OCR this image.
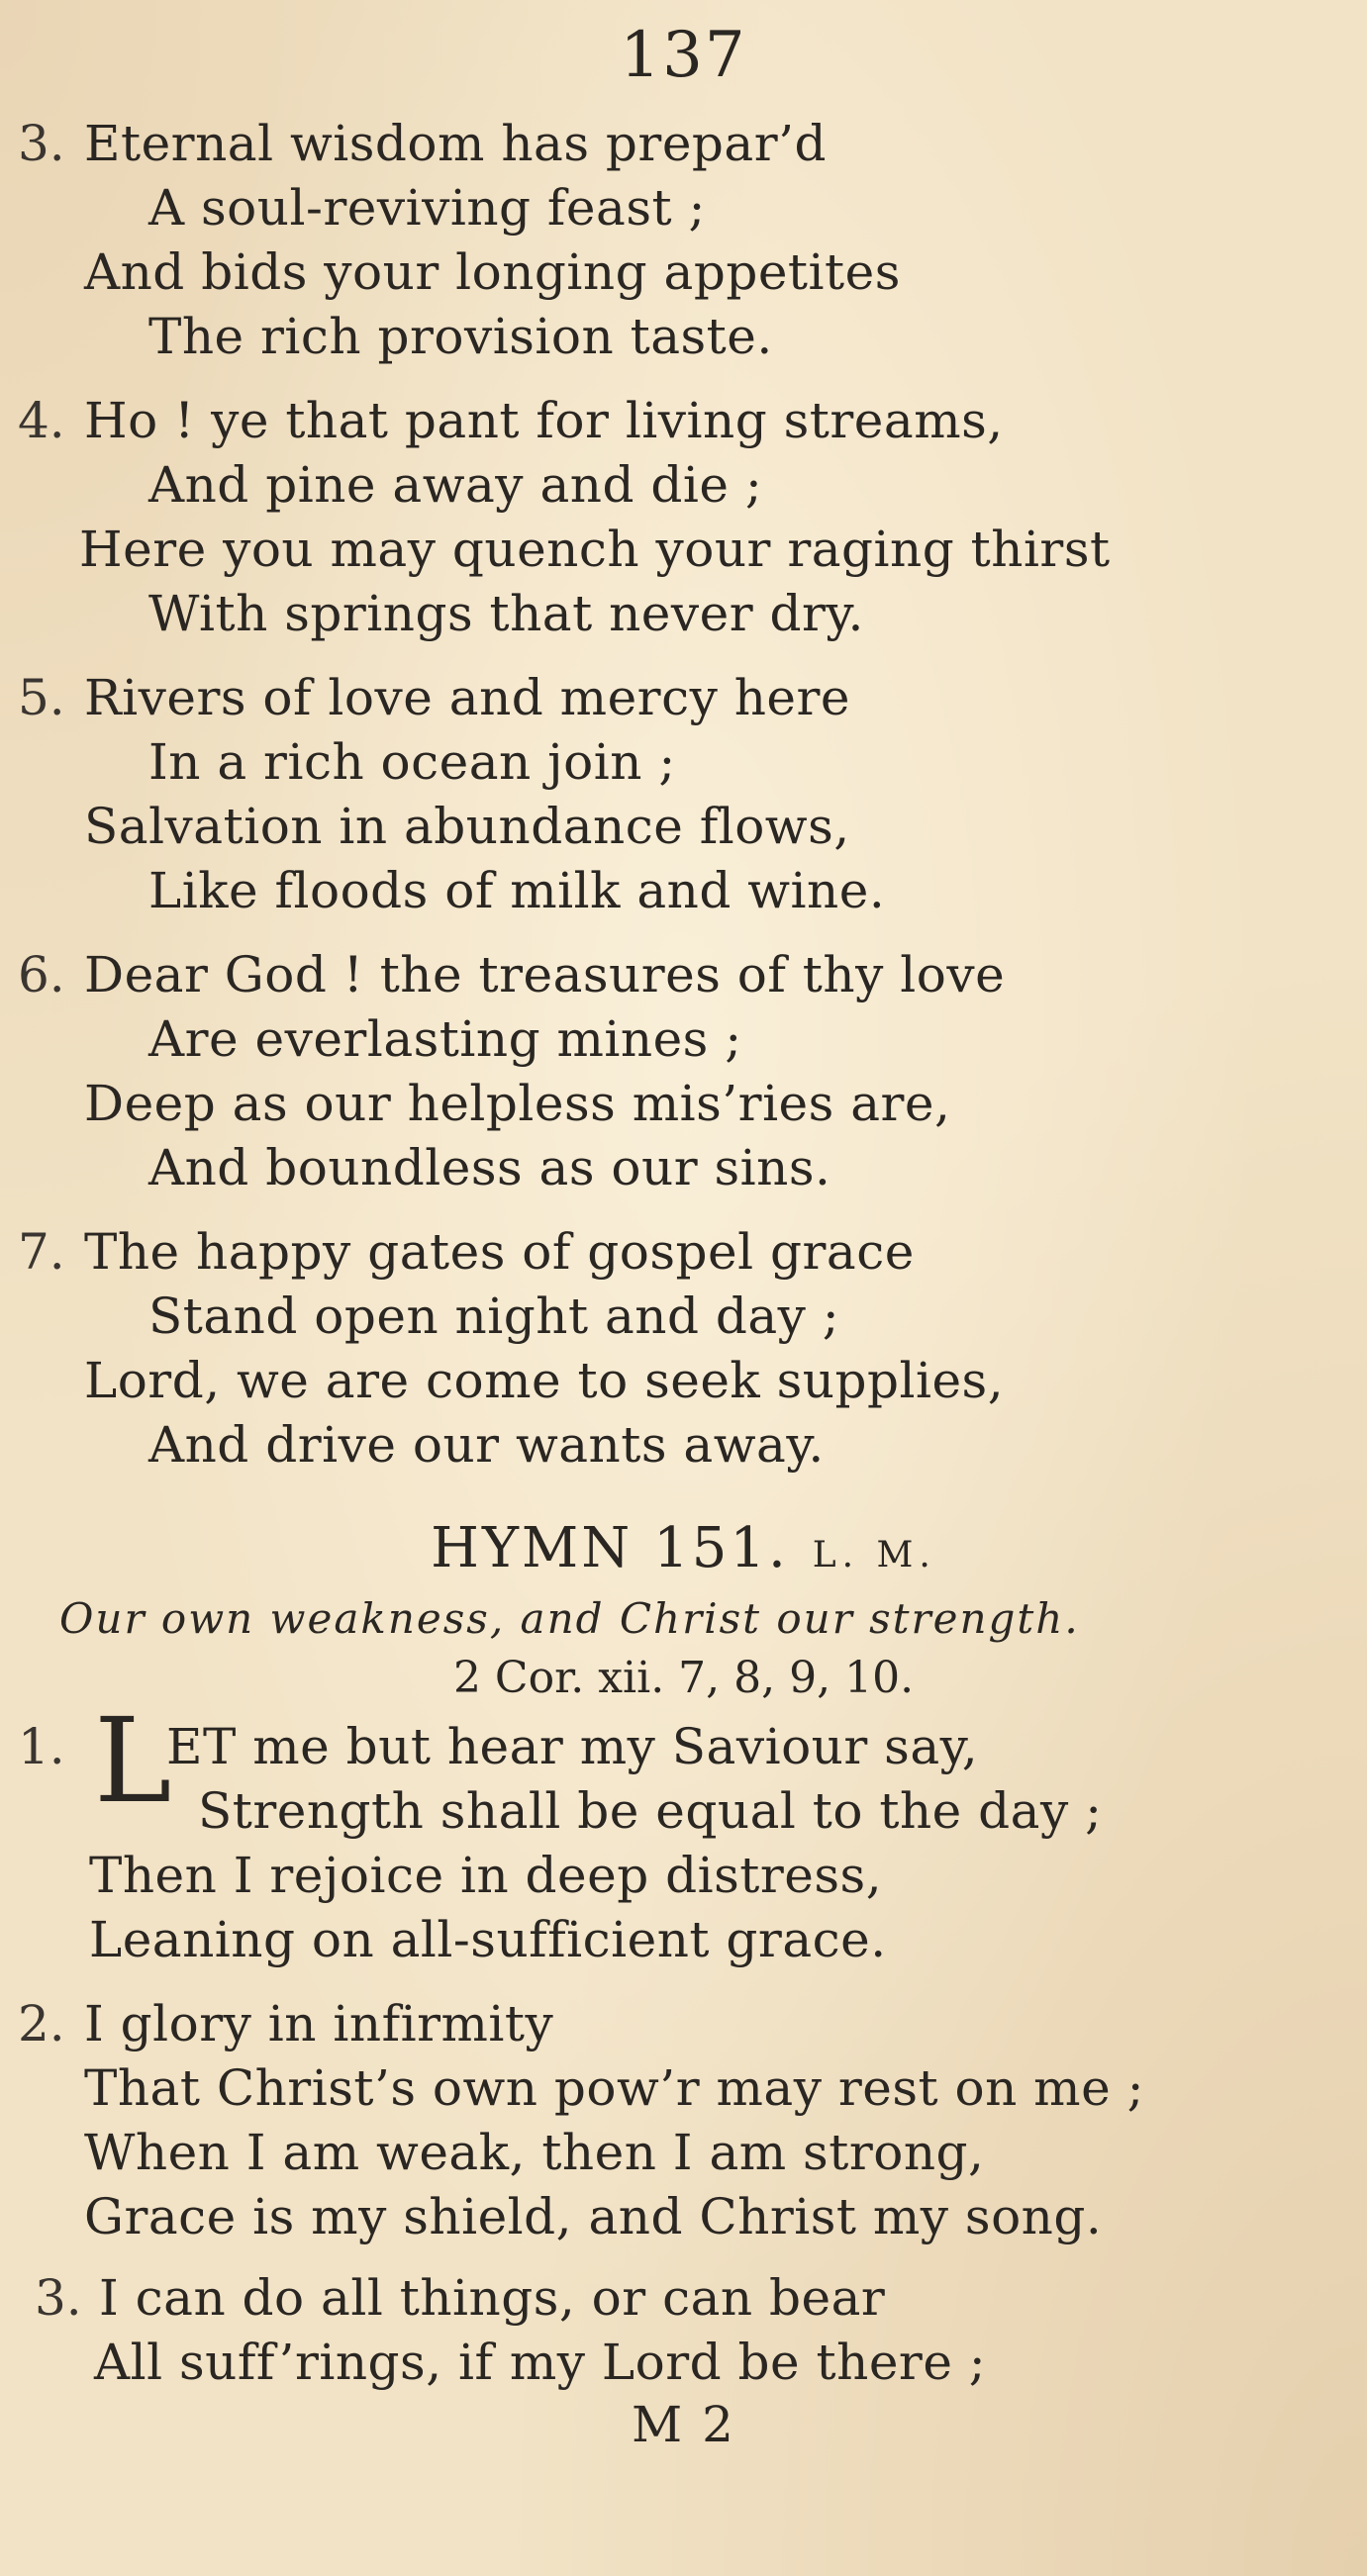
137
3. Eternal wisdom has prepar’d
A soul-reviving feast ;
And bids your longing appetites
The rich provision taste.
4. Ho ! ye that pant for living streams,
And pine away and die ;
Here you may quench your raging thirst
With springs that never dry.
5. Rivers of love and mercy here
In a rich ocean join ;
Salvation in abundance flows,
Like floods of milk and wine.
6. Dear God ! the treasures of thy love
Are everlasting mines ;
Deep as our helpless mis’ries are,
And boundless as our sins.
7. The happy gates of gospel grace
Stand open night and day ;
Lord, we are come to seek supplies,
And drive our wants away.
HYMN 151. L. M.
Our own weakness, and Christ our strength.
2 Cor. xii. 7, 8, 9, 10.
1. L
ET me but hear my Saviour say,
Strength shall be equal to the day ;
Then I rejoice in deep distress,
Leaning on all-sufficient grace.
2. I glory in infirmity
That Christ’s own pow’r may rest on me ;
When I am weak, then I am strong,
Grace is my shield, and Christ my song.
3. I can do all things, or can bear
All suff’rings, if my Lord be there ;
M 2
